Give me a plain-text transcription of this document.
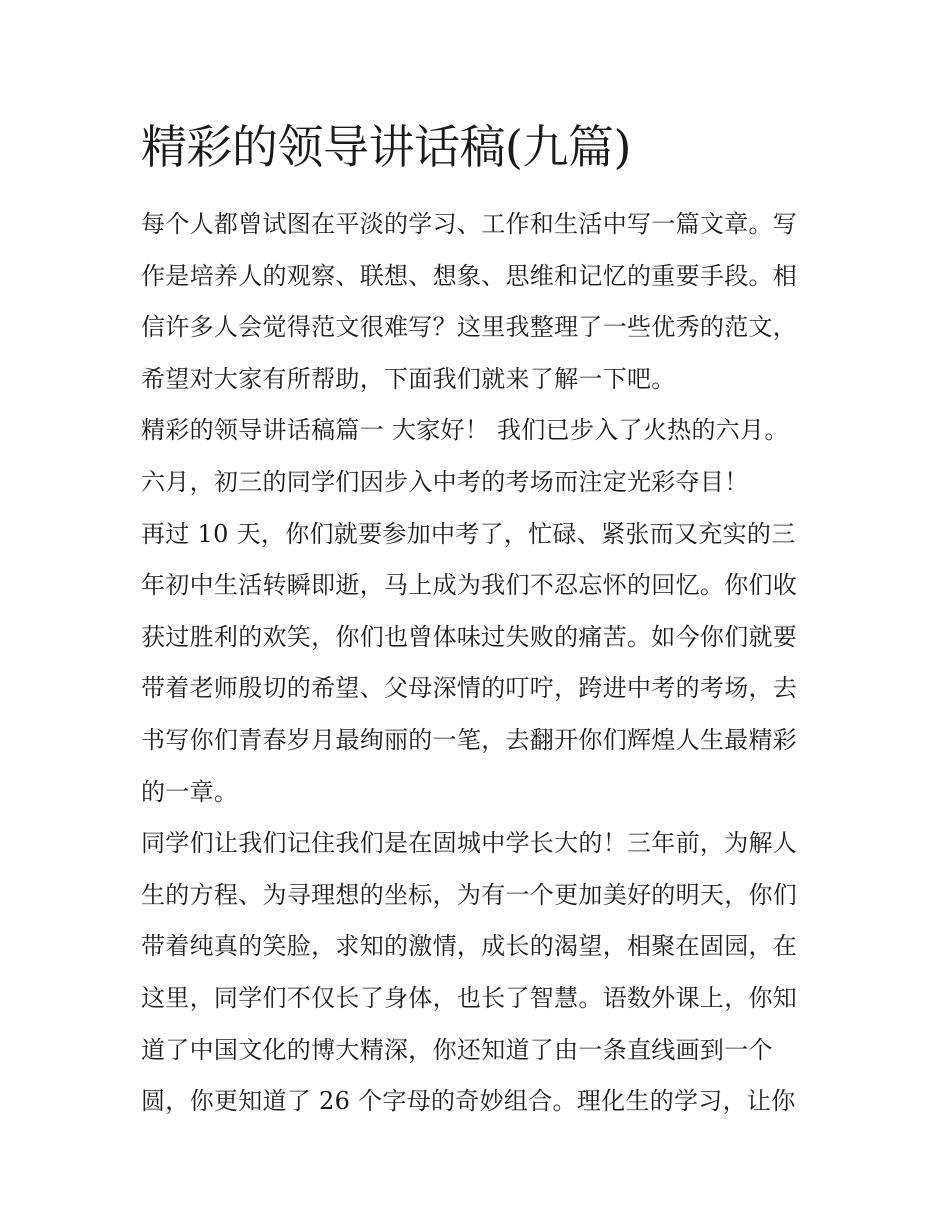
精彩的领导讲话稿(九篇)
每个人都曾试图在平淡的学习、工作和生活中写一篇文章。写
作是培养人的观察、联想、想象、思维和记忆的重要手段。相
信许多人会觉得范文很难写？这里我整理了一些优秀的范文，
希望对大家有所帮助，下面我们就来了解一下吧。
精彩的领导讲话稿篇一 大家好！ 我们已步入了火热的六月。
六月，初三的同学们因步入中考的考场而注定光彩夺目！
再过 10 天，你们就要参加中考了，忙碌、紧张而又充实的三
年初中生活转瞬即逝，马上成为我们不忍忘怀的回忆。你们收
获过胜利的欢笑，你们也曾体味过失败的痛苦。如今你们就要
带着老师殷切的希望、父母深情的叮咛，跨进中考的考场，去
书写你们青春岁月最绚丽的一笔，去翻开你们辉煌人生最精彩
的一章。
同学们让我们记住我们是在固城中学长大的！三年前，为解人
生的方程、为寻理想的坐标，为有一个更加美好的明天，你们
带着纯真的笑脸，求知的激情，成长的渴望，相聚在固园，在
这里，同学们不仅长了身体，也长了智慧。语数外课上，你知
道了中国文化的博大精深，你还知道了由一条直线画到一个
圆，你更知道了 26 个字母的奇妙组合。理化生的学习，让你
